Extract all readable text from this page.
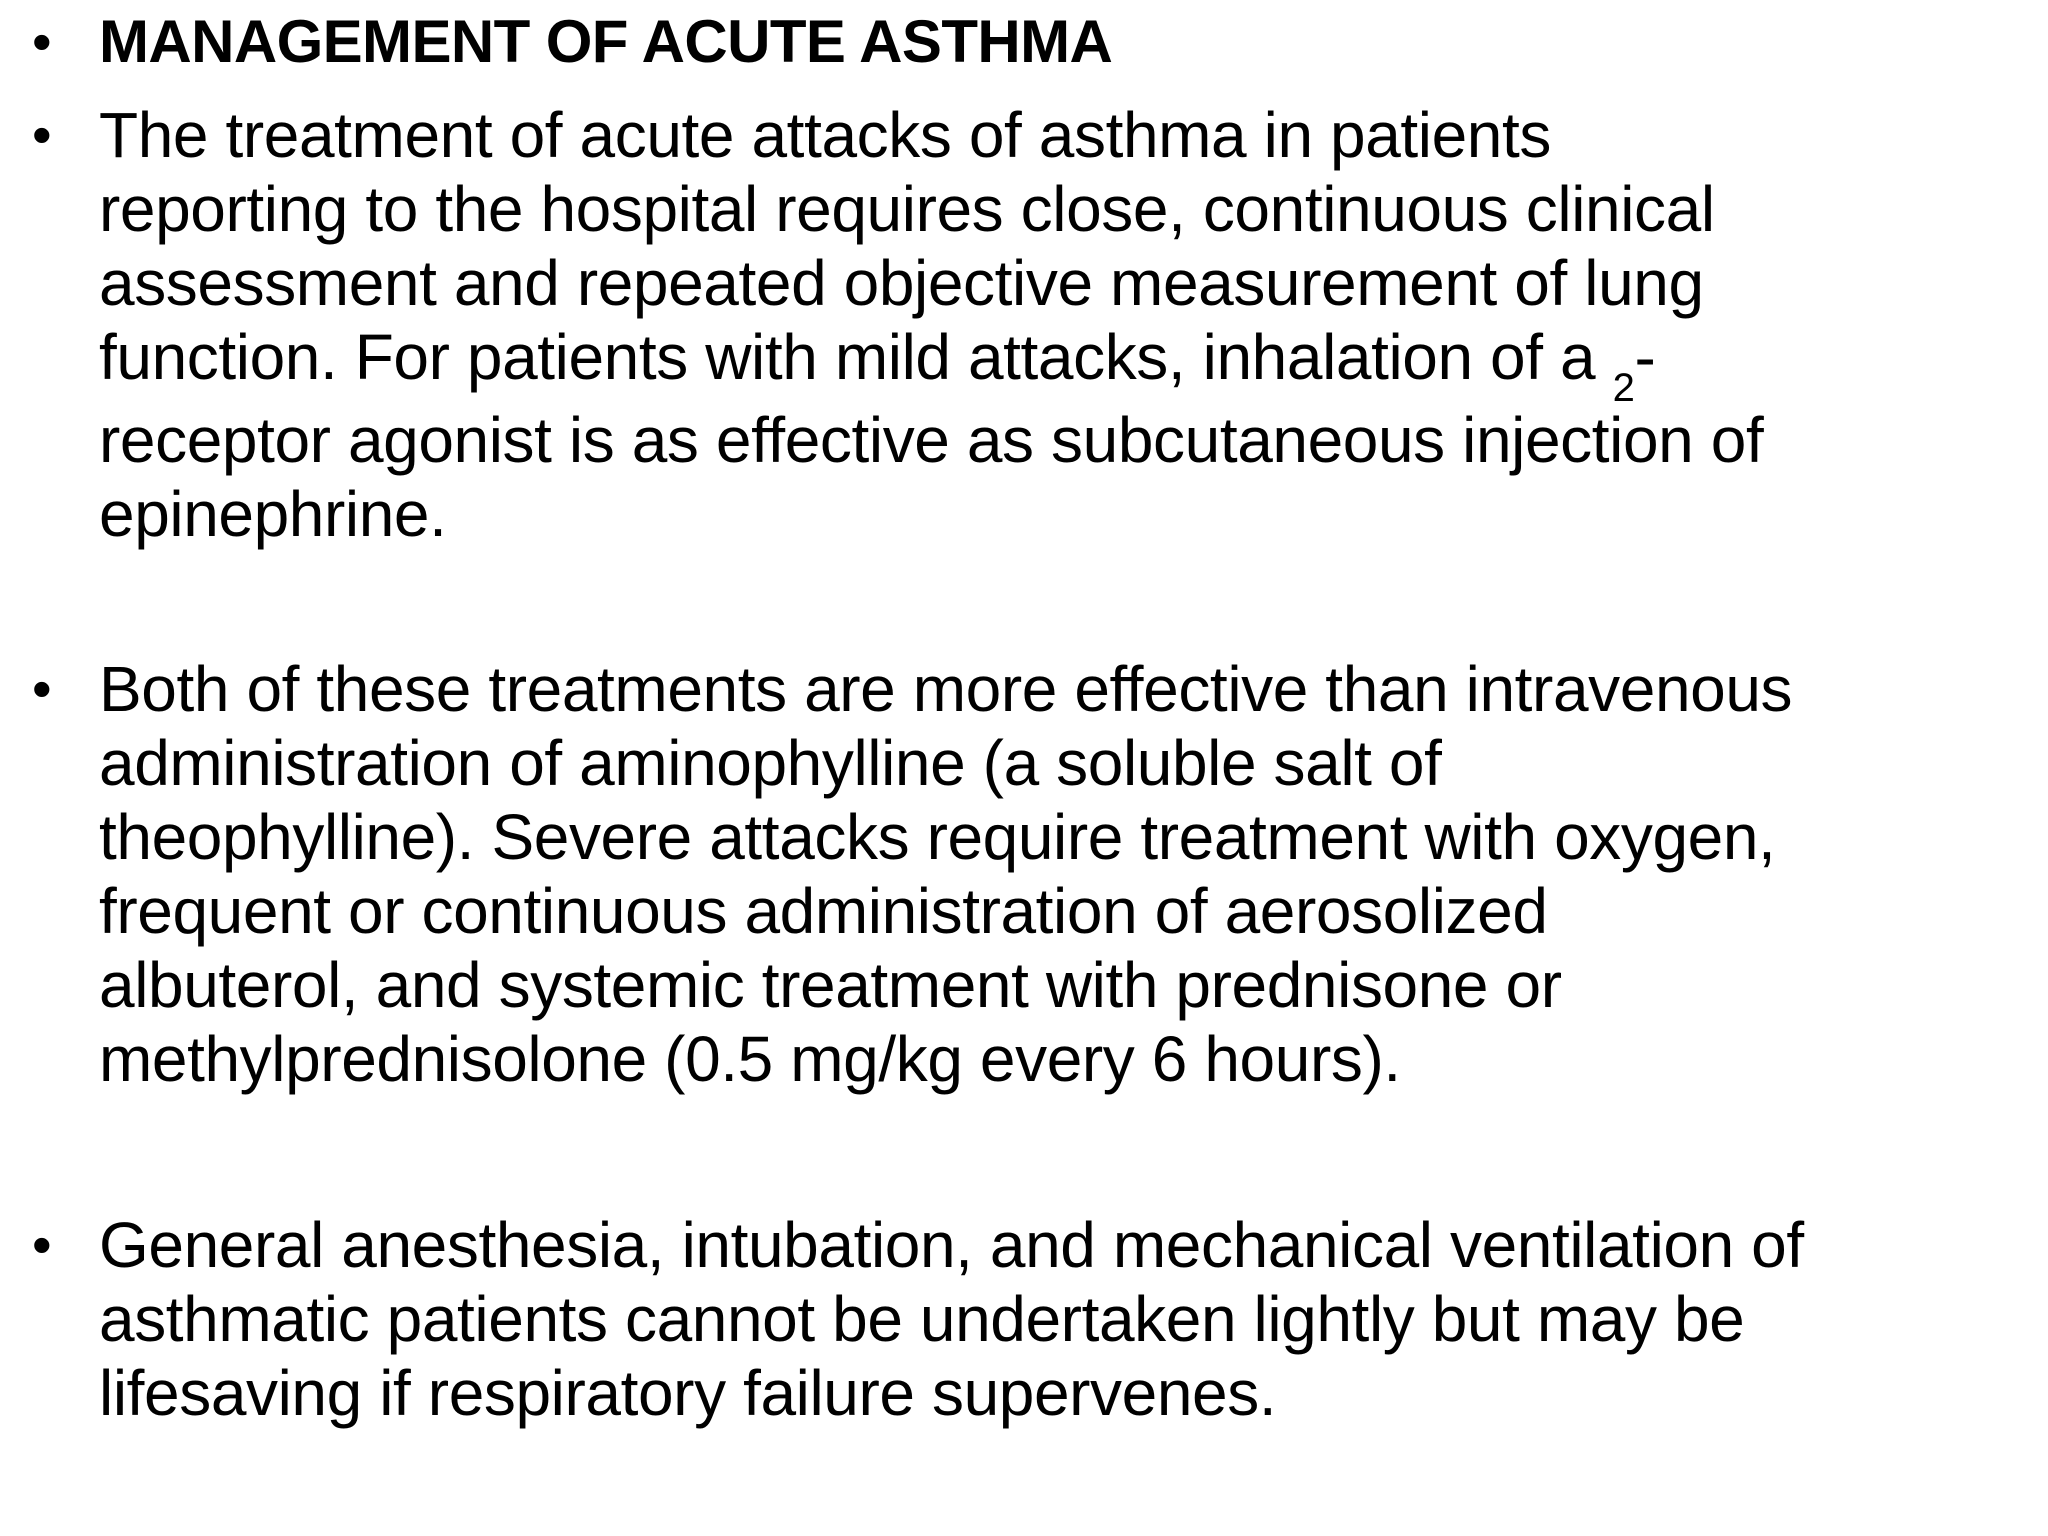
• MANAGEMENT OF ACUTE ASTHMA
• The treatment of acute attacks of asthma in patients
reporting to the hospital requires close, continuous clinical
assessment and repeated objective measurement of lung
function. For patients with mild attacks, inhalation of a $_2$-
receptor agonist is as effective as subcutaneous injection of
epinephrine.
• Both of these treatments are more effective than intravenous
administration of aminophylline (a soluble salt of
theophylline). Severe attacks require treatment with oxygen,
frequent or continuous administration of aerosolized
albuterol, and systemic treatment with prednisone or
methylprednisolone (0.5 mg/kg every 6 hours).
• General anesthesia, intubation, and mechanical ventilation of
asthmatic patients cannot be undertaken lightly but may be
lifesaving if respiratory failure supervenes.
